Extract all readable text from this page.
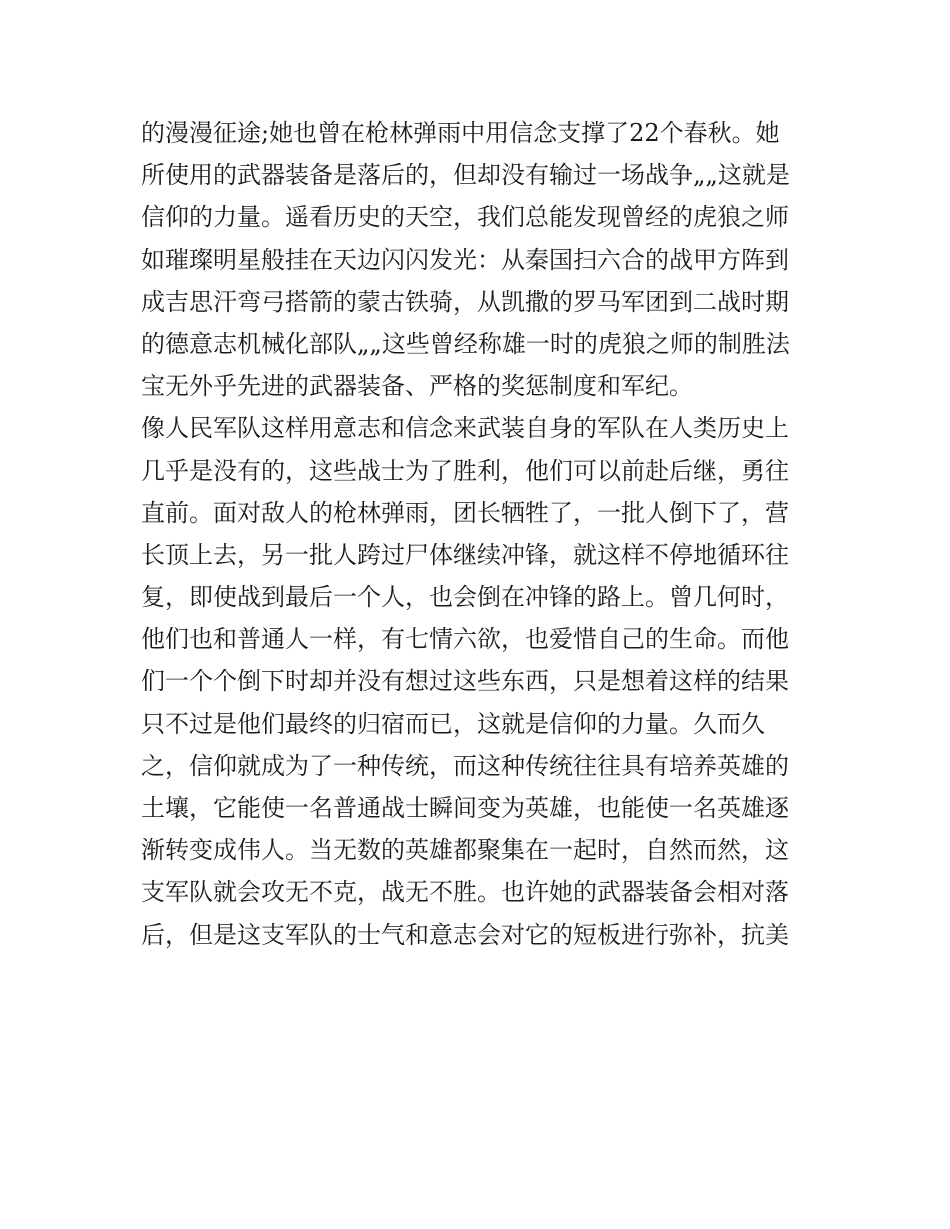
的漫漫征途;她也曾在枪林弹雨中用信念支撑了22个春秋。她
所使用的武器装备是落后的，但却没有输过一场战争„„这就是
信仰的力量。遥看历史的天空，我们总能发现曾经的虎狼之师
如璀璨明星般挂在天边闪闪发光：从秦国扫六合的战甲方阵到
成吉思汗弯弓搭箭的蒙古铁骑，从凯撒的罗马军团到二战时期
的德意志机械化部队„„这些曾经称雄一时的虎狼之师的制胜法
宝无外乎先进的武器装备、严格的奖惩制度和军纪。
像人民军队这样用意志和信念来武装自身的军队在人类历史上
几乎是没有的，这些战士为了胜利，他们可以前赴后继，勇往
直前。面对敌人的枪林弹雨，团长牺牲了，一批人倒下了，营
长顶上去，另一批人跨过尸体继续冲锋，就这样不停地循环往
复，即使战到最后一个人，也会倒在冲锋的路上。曾几何时，
他们也和普通人一样，有七情六欲，也爱惜自己的生命。而他
们一个个倒下时却并没有想过这些东西，只是想着这样的结果
只不过是他们最终的归宿而已，这就是信仰的力量。久而久
之，信仰就成为了一种传统，而这种传统往往具有培养英雄的
土壤，它能使一名普通战士瞬间变为英雄，也能使一名英雄逐
渐转变成伟人。当无数的英雄都聚集在一起时，自然而然，这
支军队就会攻无不克，战无不胜。也许她的武器装备会相对落
后，但是这支军队的士气和意志会对它的短板进行弥补，抗美
